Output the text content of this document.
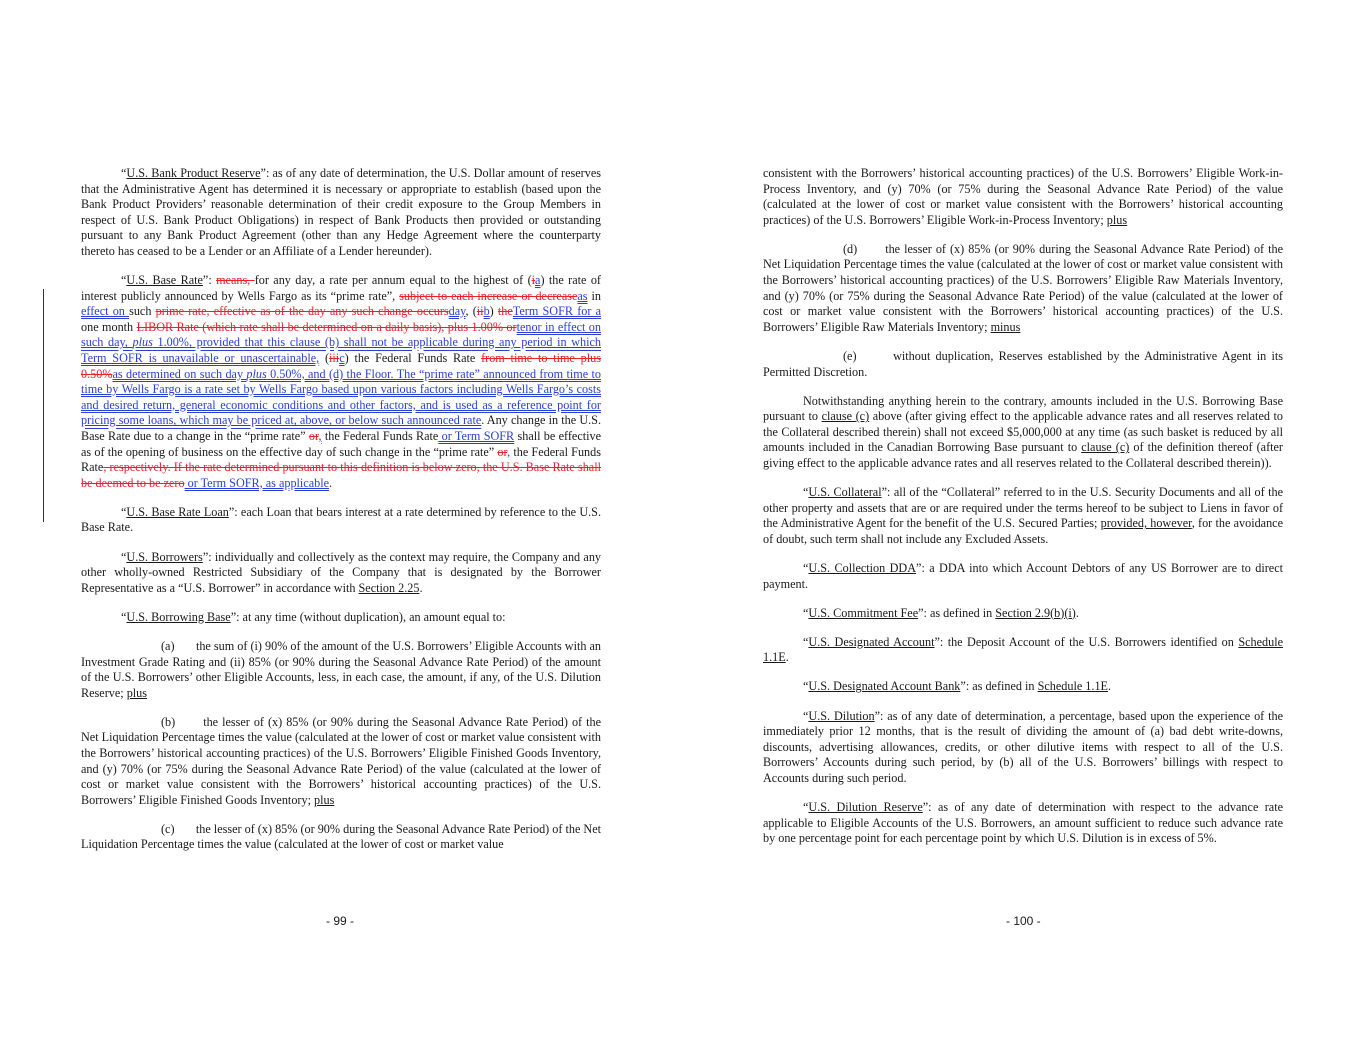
“U.S. Bank Product Reserve”: as of any date of determination, the U.S. Dollar amount of reserves that the Administrative Agent has determined it is necessary or appropriate to establish (based upon the Bank Product Providers’ reasonable determination of their credit exposure to the Group Members in respect of U.S. Bank Product Obligations) in respect of Bank Products then provided or outstanding pursuant to any Bank Product Agreement (other than any Hedge Agreement where the counterparty thereto has ceased to be a Lender or an Affiliate of a Lender hereunder).

“U.S. Base Rate”: means, for any day, a rate per annum equal to the highest of (ia) the rate of interest publicly announced by Wells Fargo as its “prime rate”, subject to each increase or decreaseas in effect on such prime rate, effective as of the day any such change occursday, (iib) theTerm SOFR for a one month LIBOR Rate (which rate shall be determined on a daily basis), plus 1.00% ortenor in effect on such day, plus 1.00%, provided that this clause (b) shall not be applicable during any period in which Term SOFR is unavailable or unascertainable, (iiic) the Federal Funds Rate from time to time plus 0.50%as determined on such day plus 0.50%, and (d) the Floor. The “prime rate” announced from time to time by Wells Fargo is a rate set by Wells Fargo based upon various factors including Wells Fargo’s costs and desired return, general economic conditions and other factors, and is used as a reference point for pricing some loans, which may be priced at, above, or below such announced rate. Any change in the U.S. Base Rate due to a change in the “prime rate” or, the Federal Funds Rate or Term SOFR shall be effective as of the opening of business on the effective day of such change in the “prime rate” or, the Federal Funds Rate, respectively. If the rate determined pursuant to this definition is below zero, the U.S. Base Rate shall be deemed to be zero or Term SOFR, as applicable.

“U.S. Base Rate Loan”: each Loan that bears interest at a rate determined by reference to the U.S. Base Rate.

“U.S. Borrowers”: individually and collectively as the context may require, the Company and any other wholly-owned Restricted Subsidiary of the Company that is designated by the Borrower Representative as a “U.S. Borrower” in accordance with Section 2.25.

“U.S. Borrowing Base”: at any time (without duplication), an amount equal to:

(a) the sum of (i) 90% of the amount of the U.S. Borrowers’ Eligible Accounts with an Investment Grade Rating and (ii) 85% (or 90% during the Seasonal Advance Rate Period) of the amount of the U.S. Borrowers’ other Eligible Accounts, less, in each case, the amount, if any, of the U.S. Dilution Reserve; plus

(b) the lesser of (x) 85% (or 90% during the Seasonal Advance Rate Period) of the Net Liquidation Percentage times the value (calculated at the lower of cost or market value consistent with the Borrowers’ historical accounting practices) of the U.S. Borrowers’ Eligible Finished Goods Inventory, and (y) 70% (or 75% during the Seasonal Advance Rate Period) of the value (calculated at the lower of cost or market value consistent with the Borrowers’ historical accounting practices) of the U.S. Borrowers’ Eligible Finished Goods Inventory; plus

(c) the lesser of (x) 85% (or 90% during the Seasonal Advance Rate Period) of the Net Liquidation Percentage times the value (calculated at the lower of cost or market value

consistent with the Borrowers’ historical accounting practices) of the U.S. Borrowers’ Eligible Work-in-Process Inventory, and (y) 70% (or 75% during the Seasonal Advance Rate Period) of the value (calculated at the lower of cost or market value consistent with the Borrowers’ historical accounting practices) of the U.S. Borrowers’ Eligible Work-in-Process Inventory; plus

(d) the lesser of (x) 85% (or 90% during the Seasonal Advance Rate Period) of the Net Liquidation Percentage times the value (calculated at the lower of cost or market value consistent with the Borrowers’ historical accounting practices) of the U.S. Borrowers’ Eligible Raw Materials Inventory, and (y) 70% (or 75% during the Seasonal Advance Rate Period) of the value (calculated at the lower of cost or market value consistent with the Borrowers’ historical accounting practices) of the U.S. Borrowers’ Eligible Raw Materials Inventory; minus

(e)	without duplication, Reserves established by the Administrative Agent in its Permitted Discretion.

Notwithstanding anything herein to the contrary, amounts included in the U.S. Borrowing Base pursuant to clause (c) above (after giving effect to the applicable advance rates and all reserves related to the Collateral described therein) shall not exceed $5,000,000 at any time (as such basket is reduced by all amounts included in the Canadian Borrowing Base pursuant to clause (c) of the definition thereof (after giving effect to the applicable advance rates and all reserves related to the Collateral described therein)).

“U.S. Collateral”: all of the “Collateral” referred to in the U.S. Security Documents and all of the other property and assets that are or are required under the terms hereof to be subject to Liens in favor of the Administrative Agent for the benefit of the U.S. Secured Parties; provided, however, for the avoidance of doubt, such term shall not include any Excluded Assets.

“U.S. Collection DDA”: a DDA into which Account Debtors of any US Borrower are to direct payment.

“U.S. Commitment Fee”: as defined in Section 2.9(b)(i).

“U.S. Designated Account”: the Deposit Account of the U.S. Borrowers identified on Schedule 1.1E.

“U.S. Designated Account Bank”: as defined in Schedule 1.1E.

“U.S. Dilution”: as of any date of determination, a percentage, based upon the experience of the immediately prior 12 months, that is the result of dividing the amount of (a) bad debt write-downs, discounts, advertising allowances, credits, or other dilutive items with respect to all of the U.S. Borrowers’ Accounts during such period, by (b) all of the U.S. Borrowers’ billings with respect to Accounts during such period.

“U.S. Dilution Reserve”: as of any date of determination with respect to the advance rate applicable to Eligible Accounts of the U.S. Borrowers, an amount sufficient to reduce such advance rate by one percentage point for each percentage point by which U.S. Dilution is in excess of 5%.

- 99 -	- 100 -
